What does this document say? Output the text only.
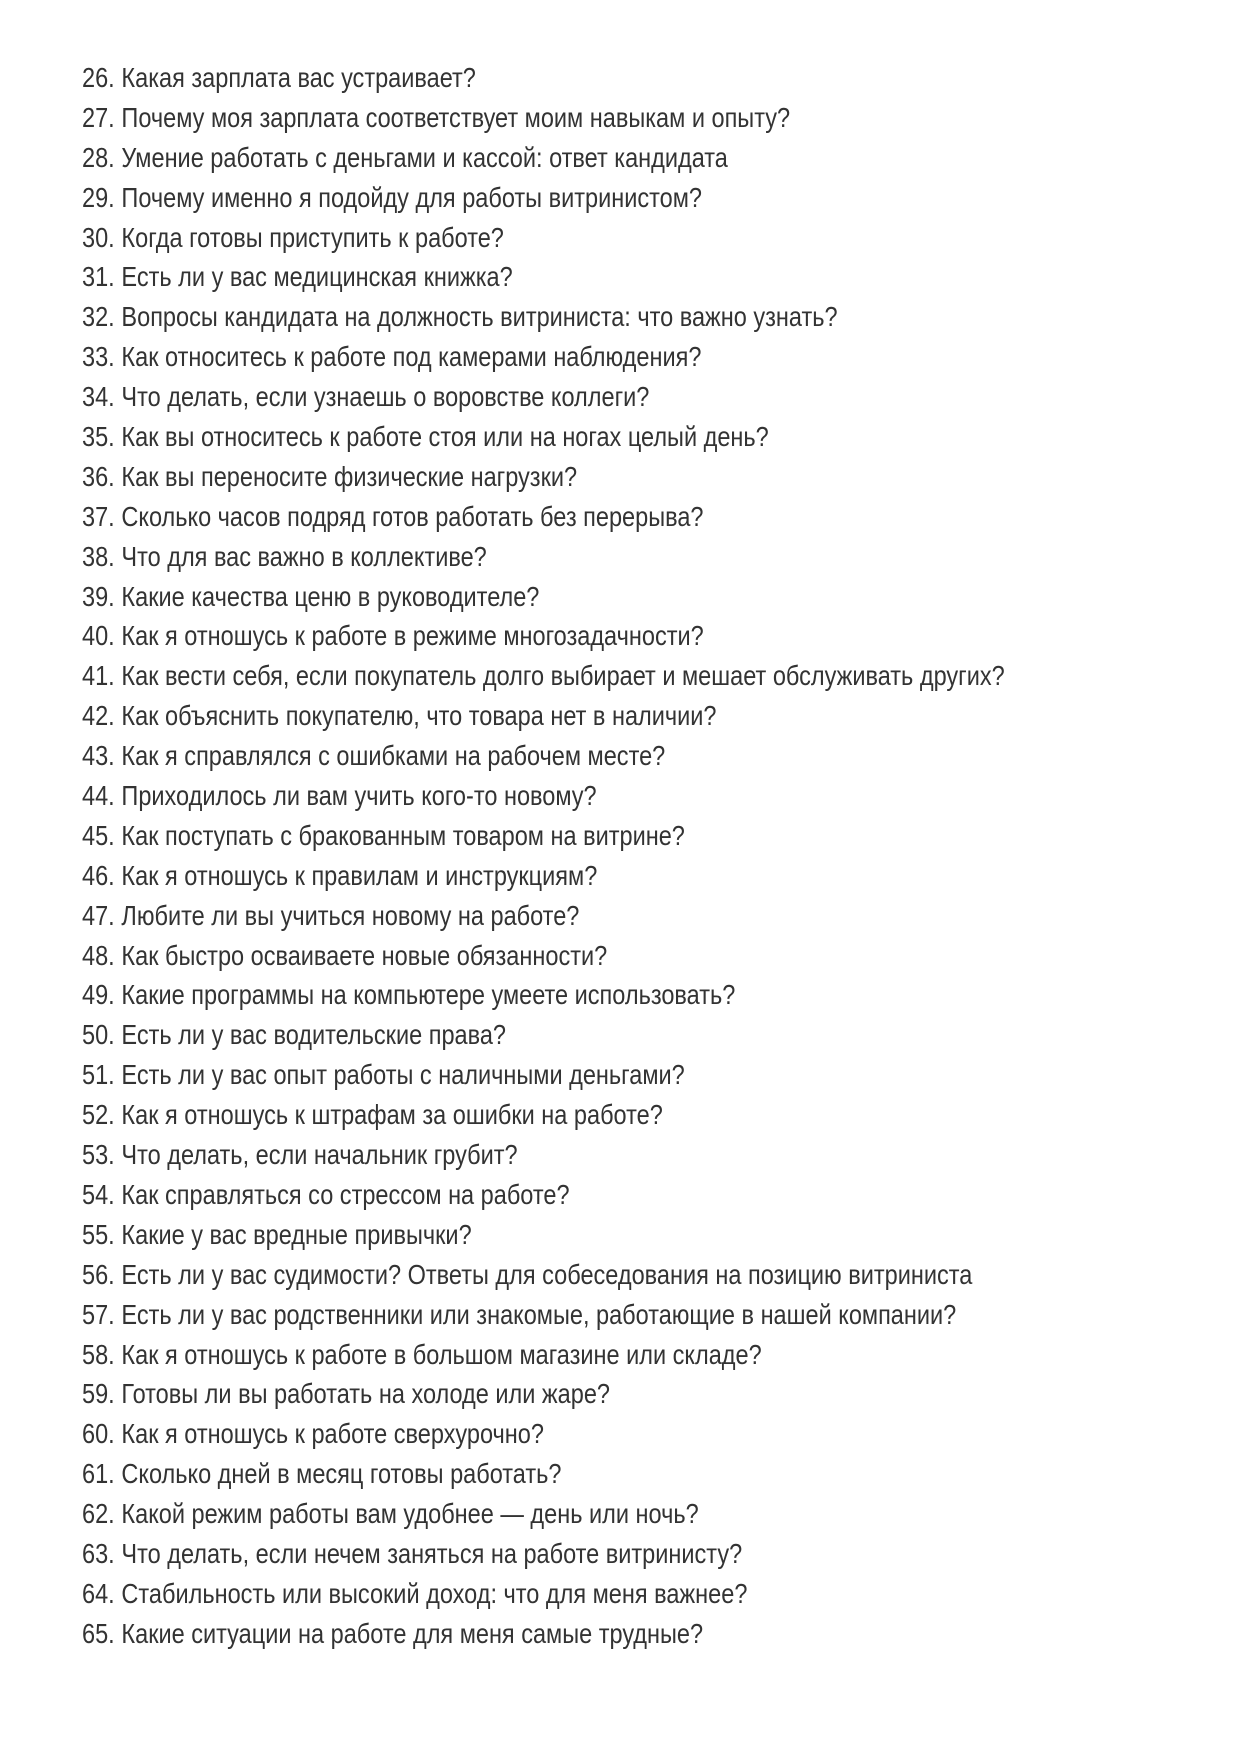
26. Какая зарплата вас устраивает?
27. Почему моя зарплата соответствует моим навыкам и опыту?
28. Умение работать с деньгами и кассой: ответ кандидата
29. Почему именно я подойду для работы витринистом?
30. Когда готовы приступить к работе?
31. Есть ли у вас медицинская книжка?
32. Вопросы кандидата на должность витриниста: что важно узнать?
33. Как относитесь к работе под камерами наблюдения?
34. Что делать, если узнаешь о воровстве коллеги?
35. Как вы относитесь к работе стоя или на ногах целый день?
36. Как вы переносите физические нагрузки?
37. Сколько часов подряд готов работать без перерыва?
38. Что для вас важно в коллективе?
39. Какие качества ценю в руководителе?
40. Как я отношусь к работе в режиме многозадачности?
41. Как вести себя, если покупатель долго выбирает и мешает обслуживать других?
42. Как объяснить покупателю, что товара нет в наличии?
43. Как я справлялся с ошибками на рабочем месте?
44. Приходилось ли вам учить кого-то новому?
45. Как поступать с бракованным товаром на витрине?
46. Как я отношусь к правилам и инструкциям?
47. Любите ли вы учиться новому на работе?
48. Как быстро осваиваете новые обязанности?
49. Какие программы на компьютере умеете использовать?
50. Есть ли у вас водительские права?
51. Есть ли у вас опыт работы с наличными деньгами?
52. Как я отношусь к штрафам за ошибки на работе?
53. Что делать, если начальник грубит?
54. Как справляться со стрессом на работе?
55. Какие у вас вредные привычки?
56. Есть ли у вас судимости? Ответы для собеседования на позицию витриниста
57. Есть ли у вас родственники или знакомые, работающие в нашей компании?
58. Как я отношусь к работе в большом магазине или складе?
59. Готовы ли вы работать на холоде или жаре?
60. Как я отношусь к работе сверхурочно?
61. Сколько дней в месяц готовы работать?
62. Какой режим работы вам удобнее — день или ночь?
63. Что делать, если нечем заняться на работе витринисту?
64. Стабильность или высокий доход: что для меня важнее?
65. Какие ситуации на работе для меня самые трудные?
